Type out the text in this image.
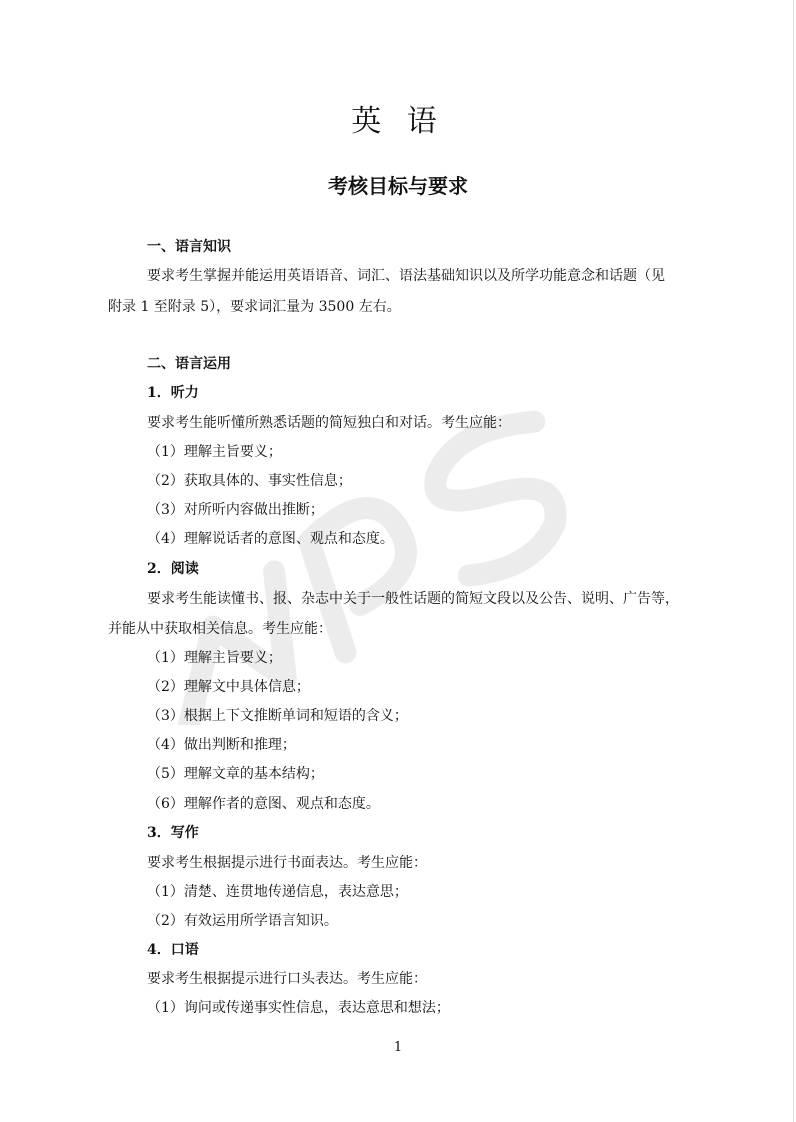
英 语
考核目标与要求
一、语言知识
要求考生掌握并能运用英语语音、词汇、语法基础知识以及所学功能意念和话题（见
附录 1 至附录 5），要求词汇量为 3500 左右。
二、语言运用
1．听力
要求考生能听懂所熟悉话题的简短独白和对话。考生应能：
（1）理解主旨要义；
（2）获取具体的、事实性信息；
（3）对所听内容做出推断；
（4）理解说话者的意图、观点和态度。
2．阅读
要求考生能读懂书、报、杂志中关于一般性话题的简短文段以及公告、说明、广告等，
并能从中获取相关信息。考生应能：
（1）理解主旨要义；
（2）理解文中具体信息；
（3）根据上下文推断单词和短语的含义；
（4）做出判断和推理；
（5）理解文章的基本结构；
（6）理解作者的意图、观点和态度。
3．写作
要求考生根据提示进行书面表达。考生应能：
（1）清楚、连贯地传递信息，表达意思；
（2）有效运用所学语言知识。
4．口语
要求考生根据提示进行口头表达。考生应能：
（1）询问或传递事实性信息，表达意思和想法；
1
